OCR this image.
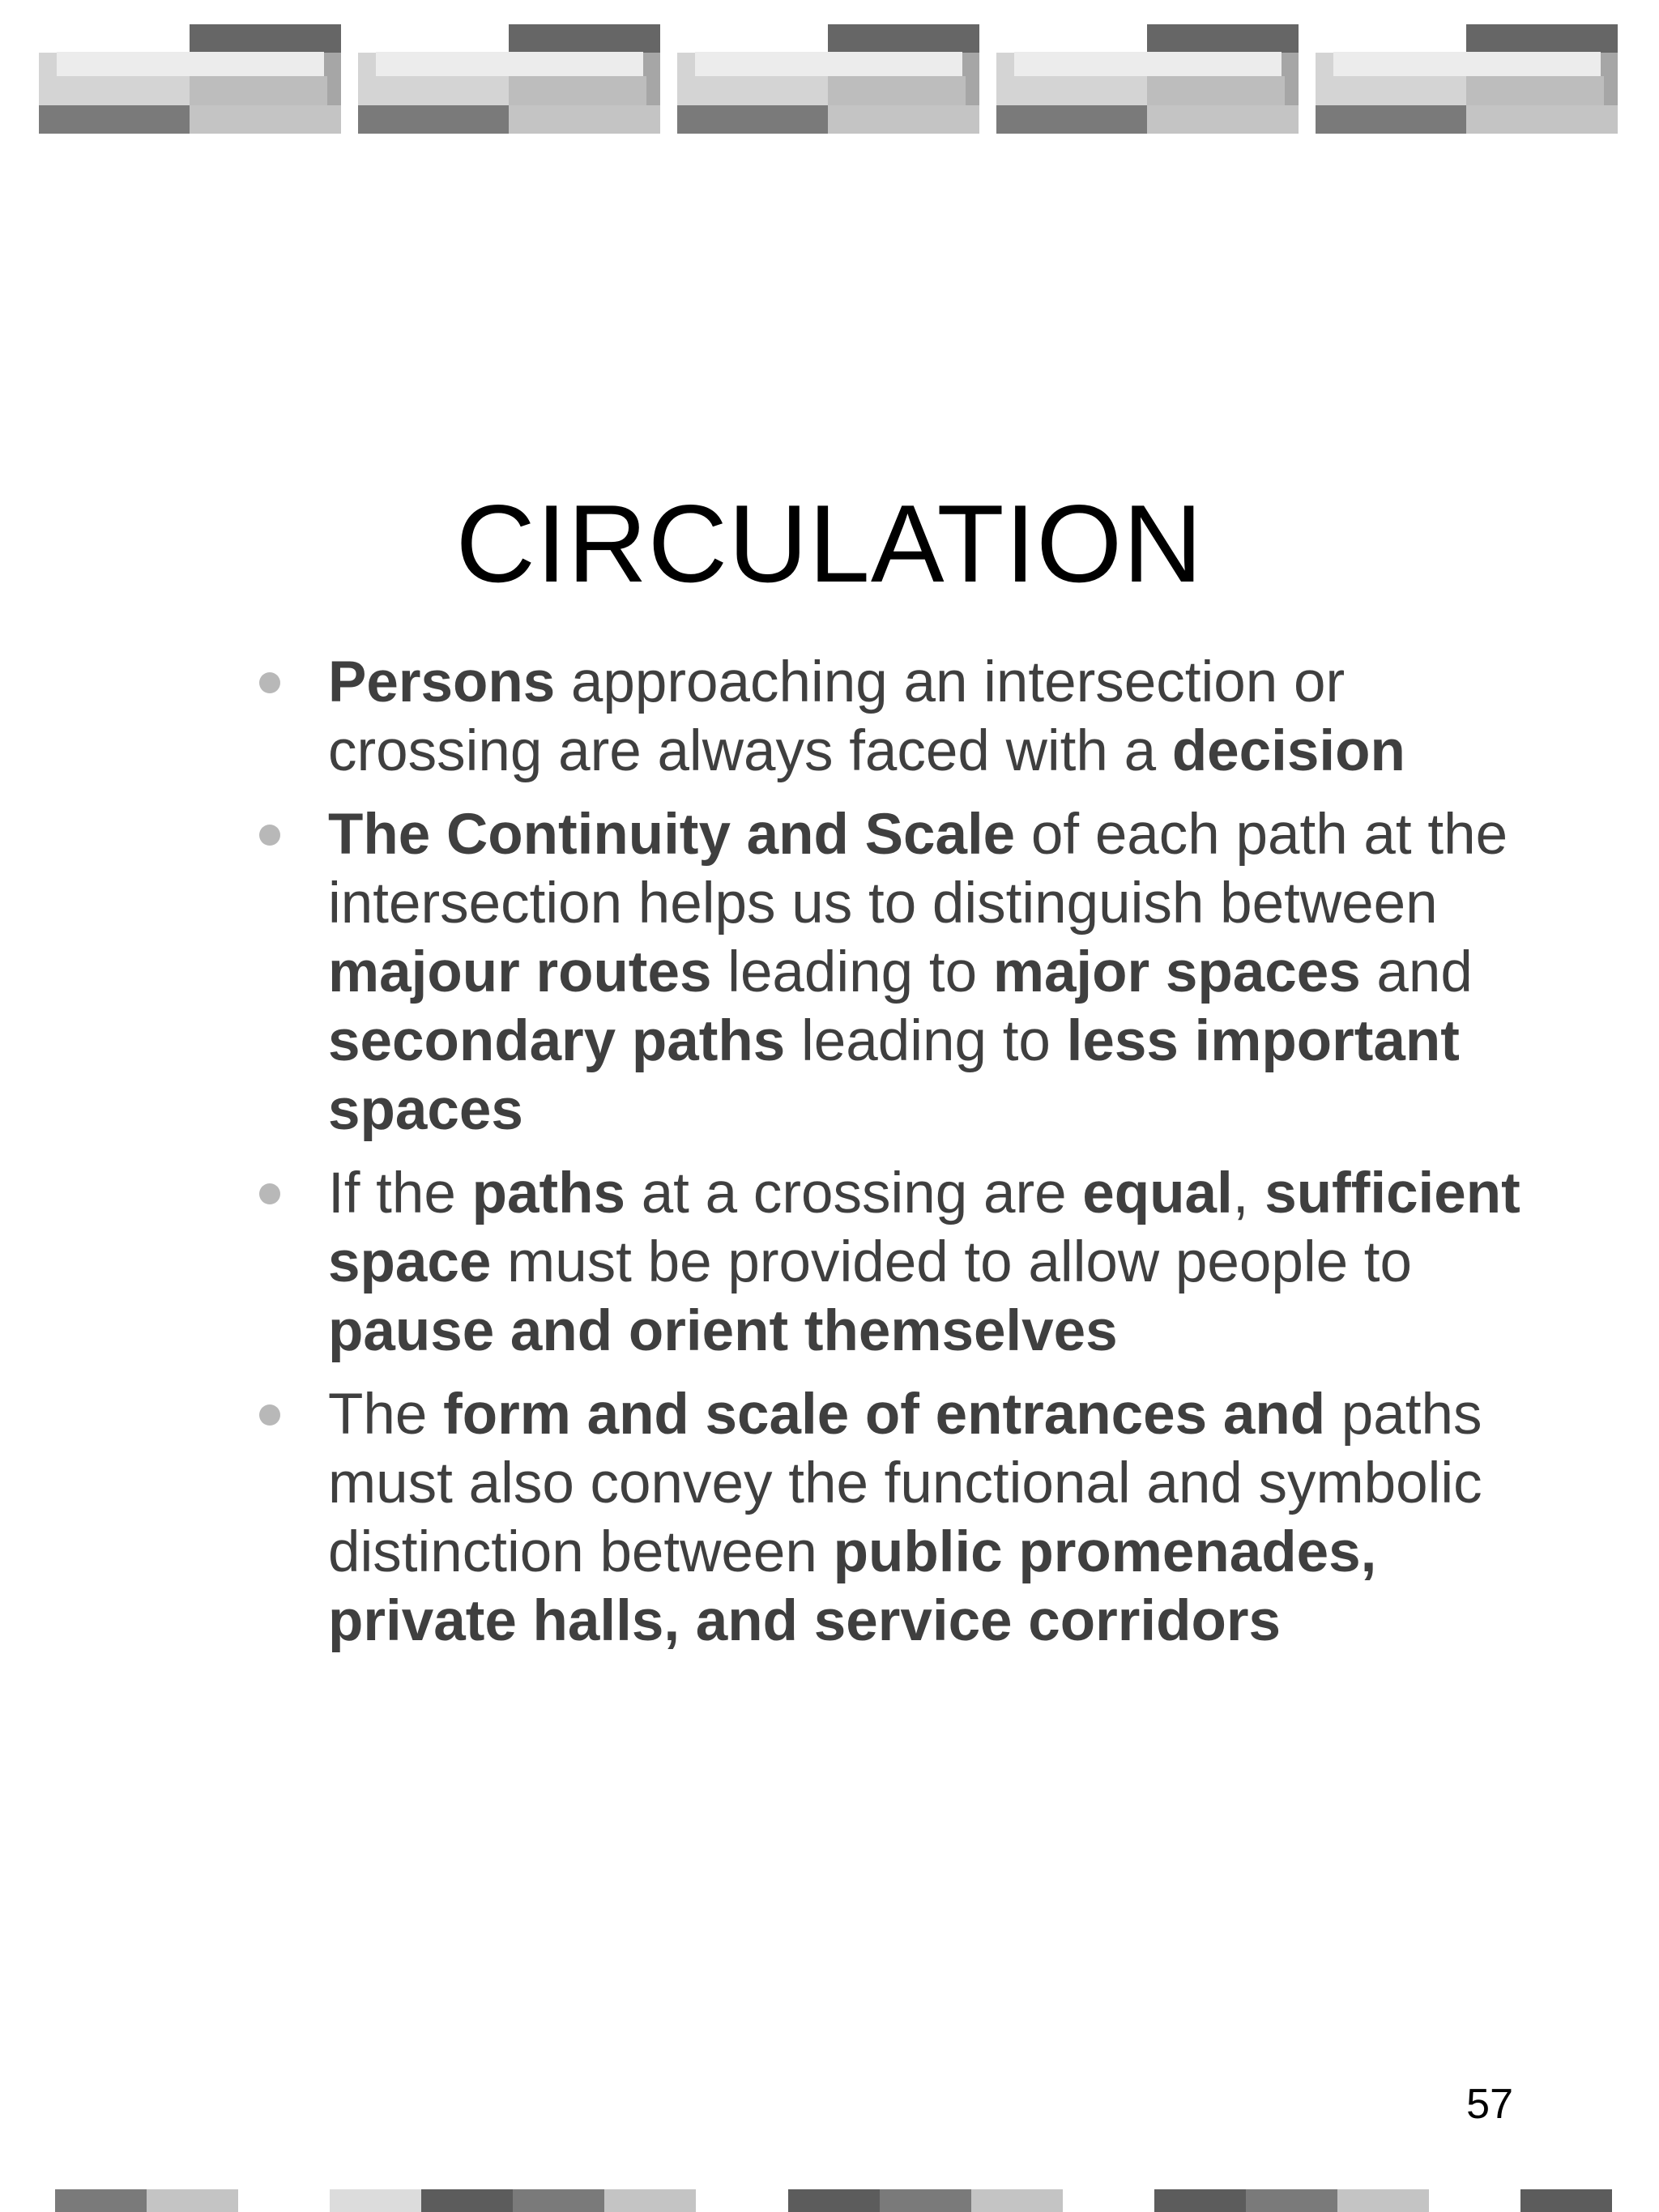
CIRCULATION
Persons approaching an intersection or crossing are always faced with a decision
The Continuity and Scale of each path at the intersection helps us to distinguish between majour routes leading to major spaces and secondary paths leading to less important spaces
If the paths at a crossing are equal, sufficient space must be provided to allow people to pause and orient themselves
The form and scale of entrances and paths must also convey the functional and symbolic distinction between public promenades, private halls, and service corridors
57
